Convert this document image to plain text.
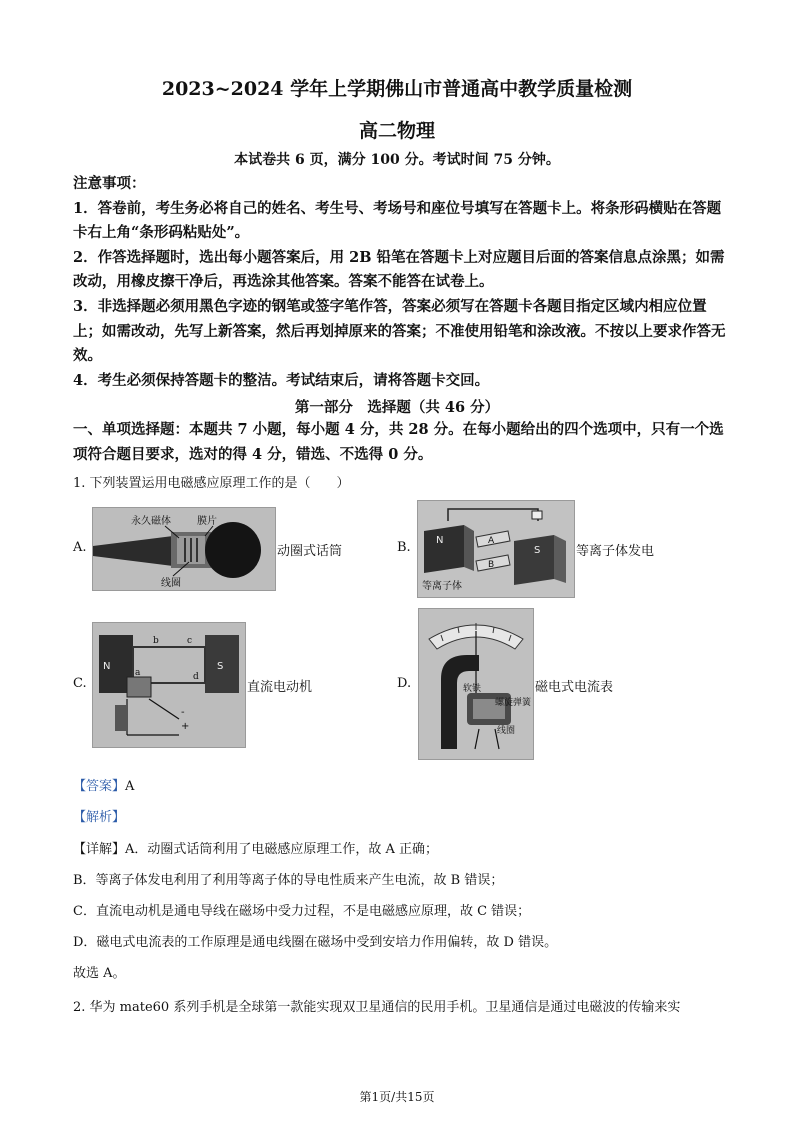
2023~2024 学年上学期佛山市普通高中教学质量检测
高二物理
本试卷共 6 页，满分 100 分。考试时间 75 分钟。

注意事项：

1．答卷前，考生务必将自己的姓名、考生号、考场号和座位号填写在答题卡上。将条形码横贴在答题卡右上角“条形码粘贴处”。

2．作答选择题时，选出每小题答案后，用 2B 铅笔在答题卡上对应题目后面的答案信息点涂黑；如需改动，用橡皮擦干净后，再选涂其他答案。答案不能答在试卷上。

3．非选择题必须用黑色字迹的钢笔或签字笔作答，答案必须写在答题卡各题目指定区域内相应位置上；如需改动，先写上新答案，然后再划掉原来的答案；不准使用铅笔和涂改液。不按以上要求作答无效。

4．考生必须保持答题卡的整洁。考试结束后，请将答题卡交回。

第一部分　选择题（共 46 分）
一、单项选择题：本题共 7 小题，每小题 4 分，共 28 分。在每小题给出的四个选项中，只有一个选项符合题目要求，选对的得 4 分，错选、不选得 0 分。
1. 下列装置运用电磁感应原理工作的是（　　）
A.
永久磁体	膜片
线圈
动圈式话筒	B.	N	A
B
S
等离子体
等离子体发电
C.
N	S
b	c
a	d
-
+
直流电动机	D.	软铁
螺旋弹簧
线圈
磁电式电流表
【答案】A
【解析】
【详解】A．动圈式话筒利用了电磁感应原理工作，故 A 正确；
B．等离子体发电利用了利用等离子体的导电性质来产生电流，故 B 错误；
C．直流电动机是通电导线在磁场中受力过程，不是电磁感应原理，故 C 错误；
D．磁电式电流表的工作原理是通电线圈在磁场中受到安培力作用偏转，故 D 错误。
故选 A。
2. 华为 mate60 系列手机是全球第一款能实现双卫星通信的民用手机。卫星通信是通过电磁波的传输来实
第1页/共15页
